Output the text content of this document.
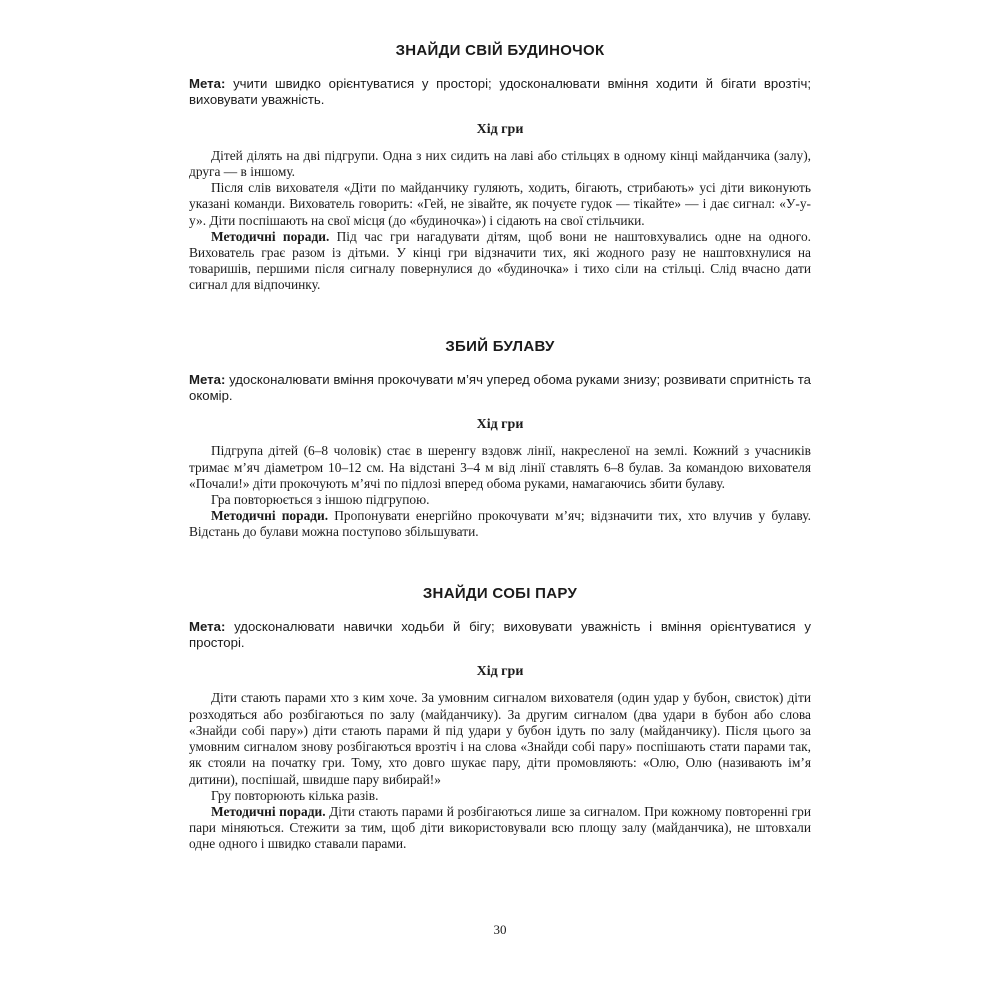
ЗНАЙДИ СВІЙ БУДИНОЧОК

Мета: учити швидко орієнтуватися у просторі; удосконалювати вміння ходити й бігати врозтіч; виховувати уважність.

Хід гри

Дітей ділять на дві підгрупи. Одна з них сидить на лаві або стільцях в одному кінці майданчика (залу), друга — в іншому.

Після слів вихователя «Діти по майданчику гуляють, ходить, бігають, стрибають» усі діти виконують указані команди. Вихователь говорить: «Гей, не зівайте, як почуєте гудок — тікайте» — і дає сигнал: «У-у-у». Діти поспішають на свої місця (до «будиночка») і сідають на свої стільчики.

Методичні поради. Під час гри нагадувати дітям, щоб вони не наштовхувались одне на одного. Вихователь грає разом із дітьми. У кінці гри відзначити тих, які жодного разу не наштовхнулися на товаришів, першими після сигналу повернулися до «будиночка» і тихо сіли на стільці. Слід вчасно дати сигнал для відпочинку.

ЗБИЙ БУЛАВУ

Мета: удосконалювати вміння прокочувати м’яч уперед обома руками знизу; розвивати спритність та окомір.

Хід гри

Підгрупа дітей (6–8 чоловік) стає в шеренгу вздовж лінії, накресленої на землі. Кожний з учасників тримає м’яч діаметром 10–12 см. На відстані 3–4 м від лінії ставлять 6–8 булав. За командою вихователя «Почали!» діти прокочують м’ячі по підлозі вперед обома руками, намагаючись збити булаву.

Гра повторюється з іншою підгрупою.

Методичні поради. Пропонувати енергійно прокочувати м’яч; відзначити тих, хто влучив у булаву. Відстань до булави можна поступово збільшувати.

ЗНАЙДИ СОБІ ПАРУ

Мета: удосконалювати навички ходьби й бігу; виховувати уважність і вміння орієнтуватися у просторі.

Хід гри

Діти стають парами хто з ким хоче. За умовним сигналом вихователя (один удар у бубон, свисток) діти розходяться або розбігаються по залу (майданчику). За другим сигналом (два удари в бубон або слова «Знайди собі пару») діти стають парами й під удари у бубон ідуть по залу (майданчику). Після цього за умовним сигналом знову розбігаються врозтіч і на слова «Знайди собі пару» поспішають стати парами так, як стояли на початку гри. Тому, хто довго шукає пару, діти промовляють: «Олю, Олю (називають ім’я дитини), поспішай, швидше пару вибирай!»

Гру повторюють кілька разів.

Методичні поради. Діти стають парами й розбігаються лише за сигналом. При кожному повторенні гри пари міняються. Стежити за тим, щоб діти використовували всю площу залу (майданчика), не штовхали одне одного і швидко ставали парами.

30
